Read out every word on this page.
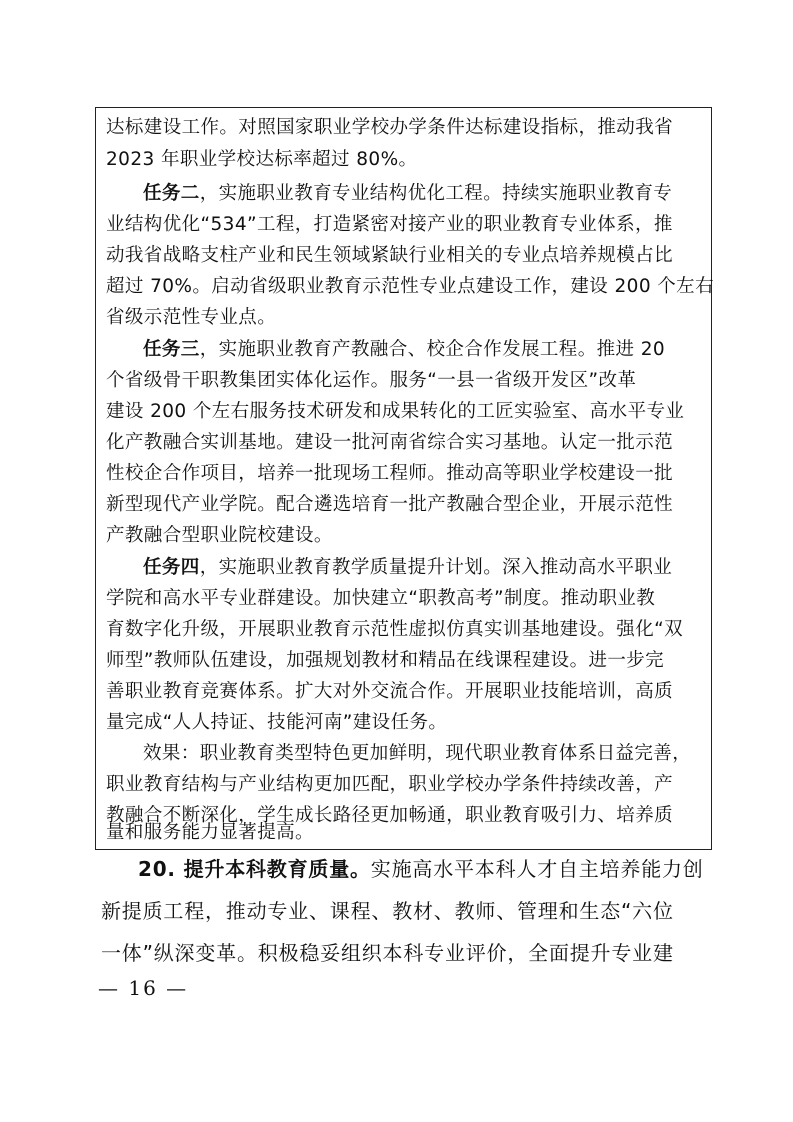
达标建设工作。对照国家职业学校办学条件达标建设指标，推动我省
2023 年职业学校达标率超过 80%。
任务二，实施职业教育专业结构优化工程。持续实施职业教育专
业结构优化“534”工程，打造紧密对接产业的职业教育专业体系，推
动我省战略支柱产业和民生领域紧缺行业相关的专业点培养规模占比
超过 70%。启动省级职业教育示范性专业点建设工作，建设 200 个左右
省级示范性专业点。
任务三，实施职业教育产教融合、校企合作发展工程。推进 20
个省级骨干职教集团实体化运作。服务“一县一省级开发区”改革
建设 200 个左右服务技术研发和成果转化的工匠实验室、高水平专业
化产教融合实训基地。建设一批河南省综合实习基地。认定一批示范
性校企合作项目，培养一批现场工程师。推动高等职业学校建设一批
新型现代产业学院。配合遴选培育一批产教融合型企业，开展示范性
产教融合型职业院校建设。
任务四，实施职业教育教学质量提升计划。深入推动高水平职业
学院和高水平专业群建设。加快建立“职教高考”制度。推动职业教
育数字化升级，开展职业教育示范性虚拟仿真实训基地建设。强化“双
师型”教师队伍建设，加强规划教材和精品在线课程建设。进一步完
善职业教育竞赛体系。扩大对外交流合作。开展职业技能培训，高质
量完成“人人持证、技能河南”建设任务。
效果：职业教育类型特色更加鲜明，现代职业教育体系日益完善，
职业教育结构与产业结构更加匹配，职业学校办学条件持续改善，产
教融合不断深化，学生成长路径更加畅通，职业教育吸引力、培养质
量和服务能力显著提高。
20. 提升本科教育质量。实施高水平本科人才自主培养能力创
新提质工程，推动专业、课程、教材、教师、管理和生态“六位
一体”纵深变革。积极稳妥组织本科专业评价，全面提升专业建
— 16 —
